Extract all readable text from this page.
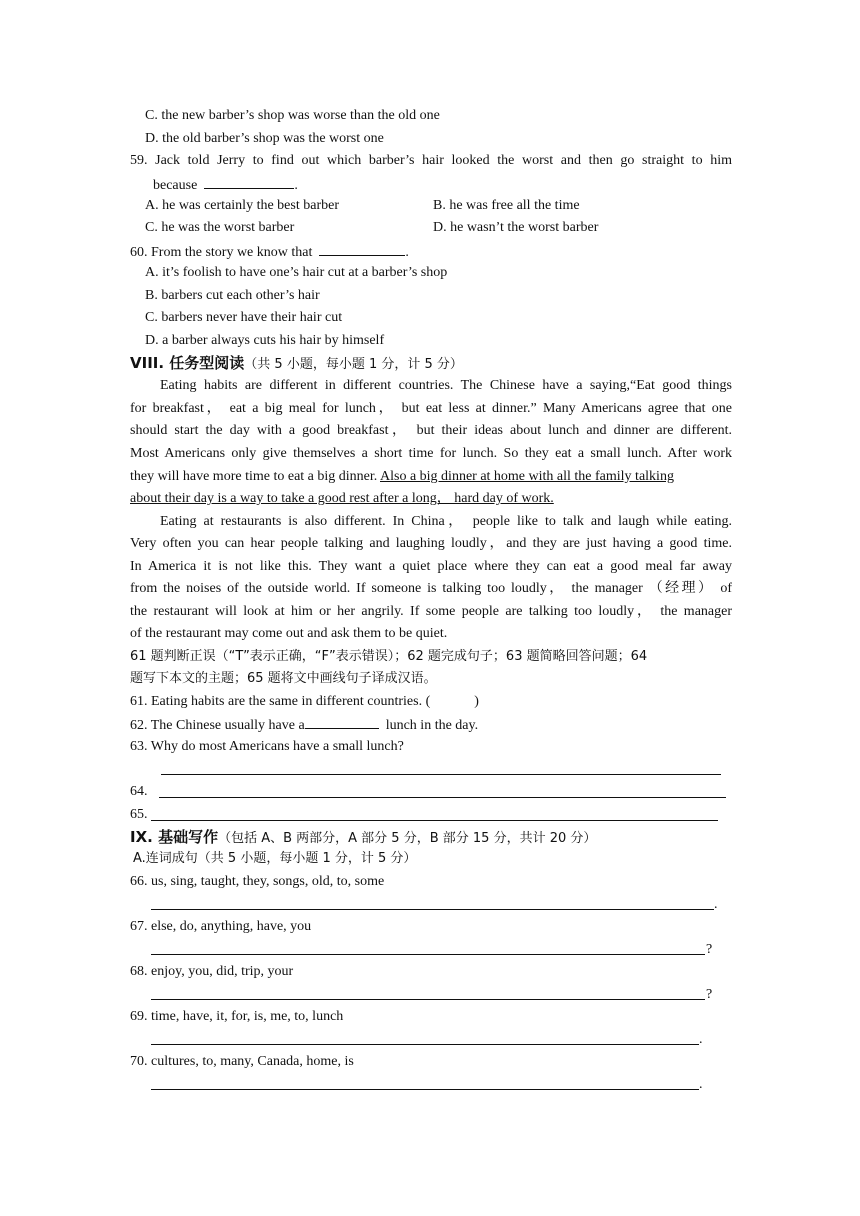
C. the new barber’s shop was worse than the old one
D. the old barber’s shop was the worst one
59. Jack told Jerry to find out which barber’s hair looked the worst and then go straight to him
because	.
A. he was certainly the best barber	B. he was free all the time
C. he was the worst barber	D. he wasn’t the worst barber
60. From the story we know that	.
A. it’s foolish to have one’s hair cut at a barber’s shop
B. barbers cut each other’s hair
C. barbers never have their hair cut
D. a barber always cuts his hair by himself
VIII. 任务型阅读（共 5 小题，每小题 1 分，计 5 分）
Eating habits are different in different countries. The Chinese have a saying,“Eat good things
for breakfast， eat a big meal for lunch， but eat less at dinner.” Many Americans agree that one
should start the day with a good breakfast， but their ideas about lunch and dinner are different.
Most Americans only give themselves a short time for lunch. So they eat a small lunch. After work
they will have more time to eat a big dinner. Also a big dinner at home with all the family talking
about their day is a way to take a good rest after a long， hard day of work.
Eating at restaurants is also different. In China， people like to talk and laugh while eating.
Very often you can hear people talking and laughing loudly，and they are just having a good time.
In America it is not like this. They want a quiet place where they can eat a good meal far away
from the noises of the outside world. If someone is talking too loudly， the manager （经理） of
the restaurant will look at him or her angrily. If some people are talking too loudly， the manager
of the restaurant may come out and ask them to be quiet.
61 题判断正误（“T”表示正确，“F”表示错误）；62 题完成句子；63 题简略回答问题；64
题写下本文的主题；65 题将文中画线句子译成汉语。
61. Eating habits are the same in different countries. (	)
62. The Chinese usually have a	lunch in the day.
63. Why do most Americans have a small lunch?
64.
65.
IX. 基础写作（包括 A、B 两部分，A 部分 5 分，B 部分 15 分，共计 20 分）
A.连词成句（共 5 小题，每小题 1 分，计 5 分）
66. us, sing, taught, they, songs, old, to, some
.
67. else, do, anything, have, you
?
68. enjoy, you, did, trip, your
?
69. time, have, it, for, is, me, to, lunch
.
70. cultures, to, many, Canada, home, is
.
